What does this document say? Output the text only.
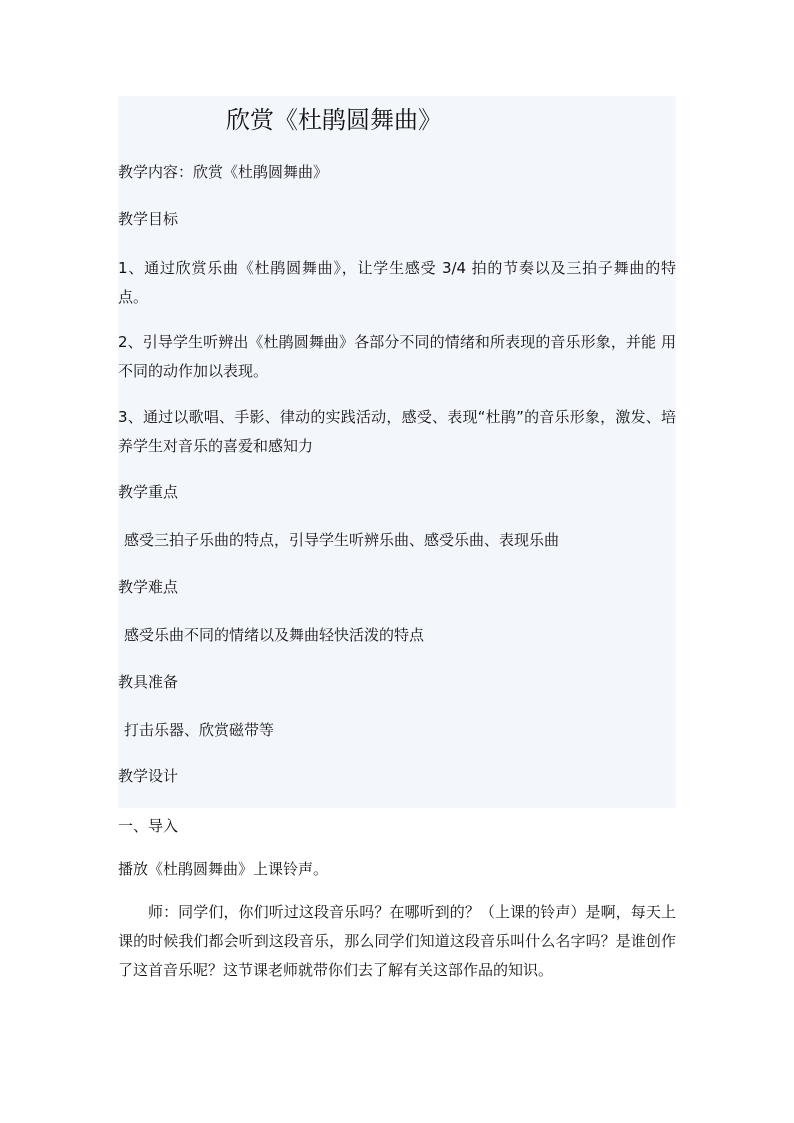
欣赏《杜鹃圆舞曲》

教学内容：欣赏《杜鹃圆舞曲》

教学目标

1、通过欣赏乐曲《杜鹃圆舞曲》，让学生感受 3/4 拍的节奏以及三拍子舞曲的特点。

2、引导学生听辨出《杜鹃圆舞曲》各部分不同的情绪和所表现的音乐形象，并能 用不同的动作加以表现。

3、通过以歌唱、手影、律动的实践活动，感受、表现“杜鹃”的音乐形象，激发、培养学生对音乐的喜爱和感知力

教学重点

感受三拍子乐曲的特点，引导学生听辨乐曲、感受乐曲、表现乐曲

教学难点

感受乐曲不同的情绪以及舞曲轻快活泼的特点

教具准备

打击乐器、欣赏磁带等

教学设计

一、导入

播放《杜鹃圆舞曲》上课铃声。

师：同学们，你们听过这段音乐吗？在哪听到的？（上课的铃声）是啊，每天上课的时候我们都会听到这段音乐，那么同学们知道这段音乐叫什么名字吗？是谁创作了这首音乐呢？这节课老师就带你们去了解有关这部作品的知识。
